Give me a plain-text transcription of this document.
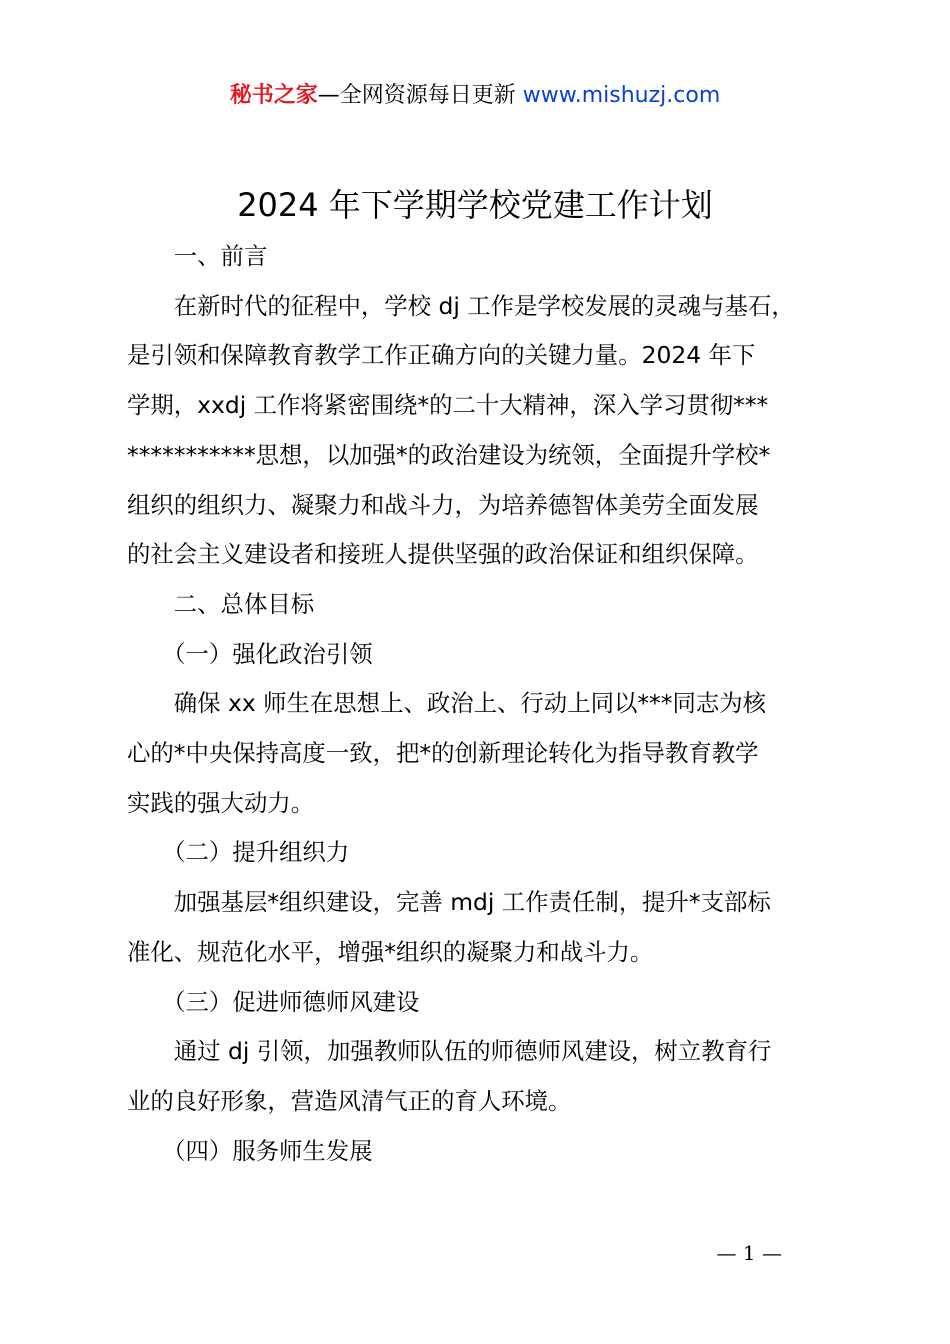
秘书之家—全网资源每日更新 www.mishuzj.com
2024 年下学期学校党建工作计划

　　一、前言

　　在新时代的征程中，学校 dj 工作是学校发展的灵魂与基石，

是引领和保障教育教学工作正确方向的关键力量。2024 年下

学期，xxdj 工作将紧密围绕*的二十大精神，深入学习贯彻***

***********思想，以加强*的政治建设为统领，全面提升学校*

组织的组织力、凝聚力和战斗力，为培养德智体美劳全面发展

的社会主义建设者和接班人提供坚强的政治保证和组织保障。

　　二、总体目标

　　（一）强化政治引领

　　确保 xx 师生在思想上、政治上、行动上同以***同志为核

心的*中央保持高度一致，把*的创新理论转化为指导教育教学

实践的强大动力。

　　（二）提升组织力

　　加强基层*组织建设，完善 mdj 工作责任制，提升*支部标

准化、规范化水平，增强*组织的凝聚力和战斗力。

　　（三）促进师德师风建设

　　通过 dj 引领，加强教师队伍的师德师风建设，树立教育行

业的良好形象，营造风清气正的育人环境。

　　（四）服务师生发展

— 1 —
